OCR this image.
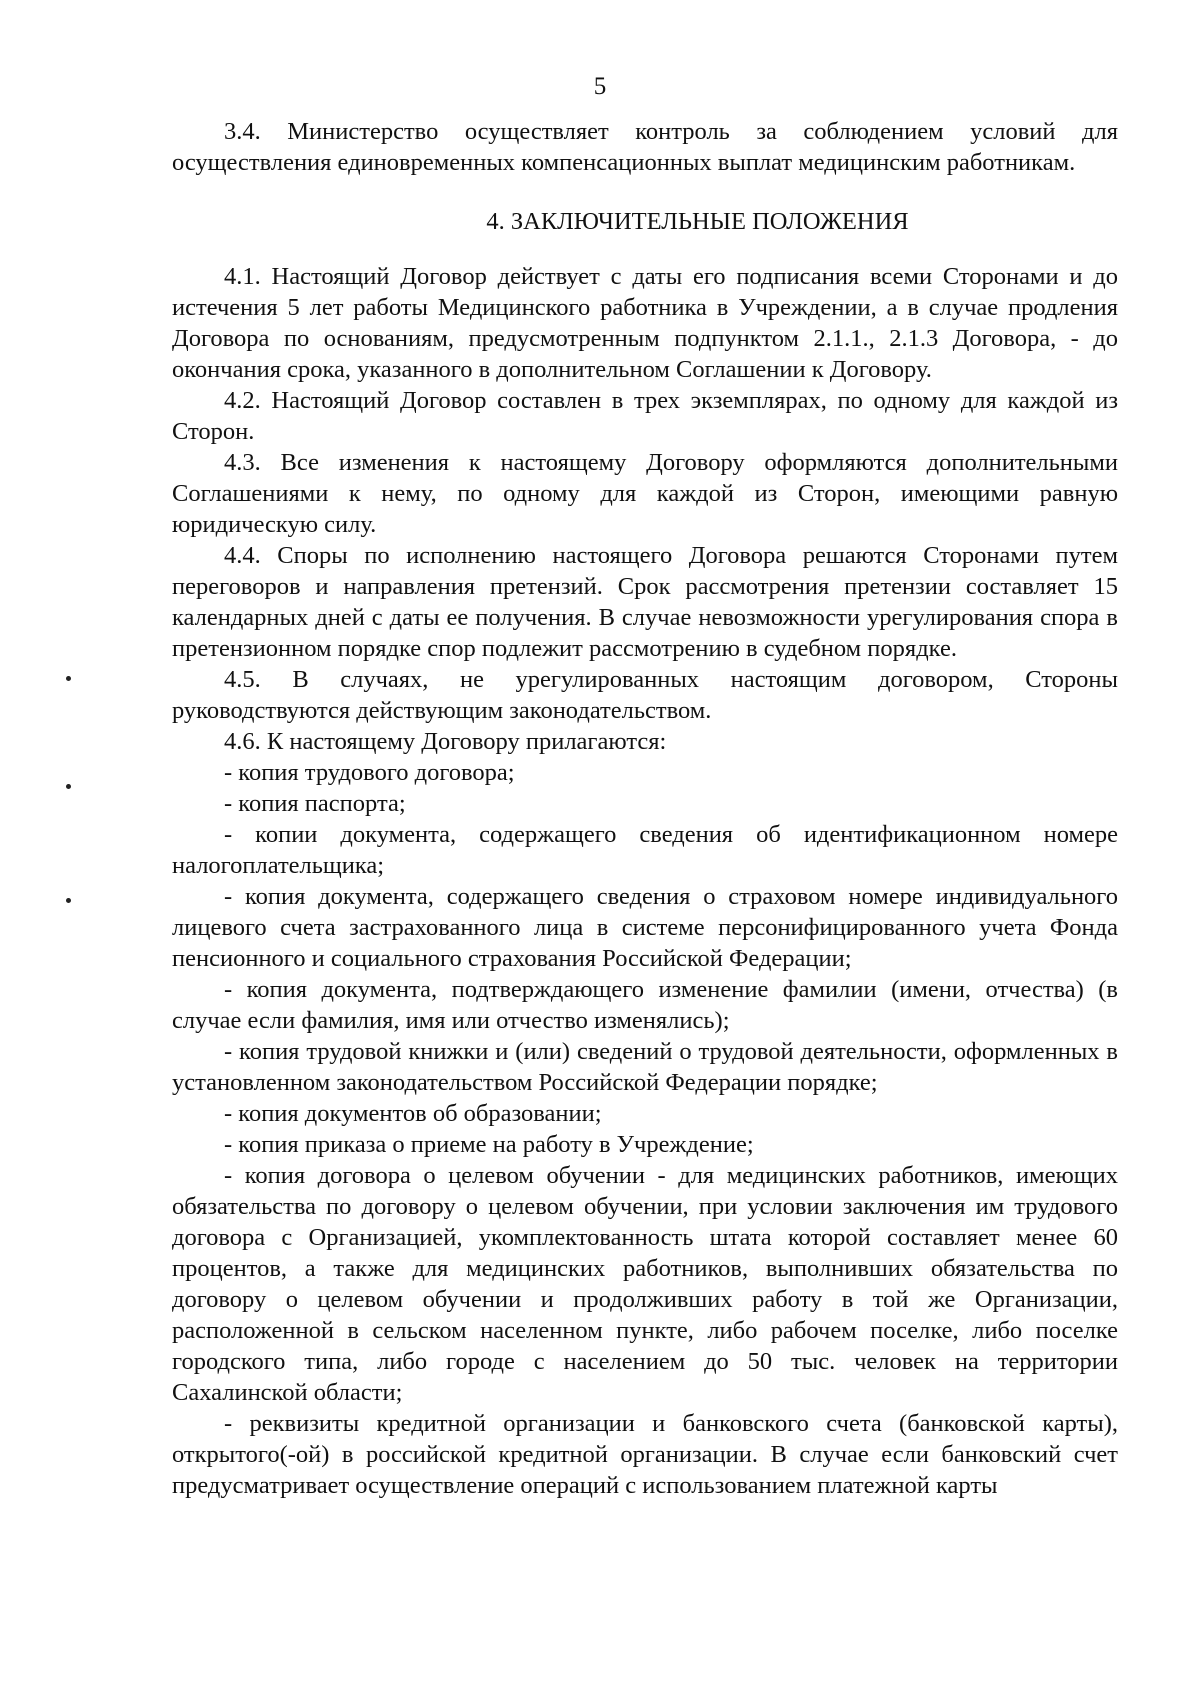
5

3.4. Министерство осуществляет контроль за соблюдением условий для осуществления единовременных компенсационных выплат медицинским работникам.

4. ЗАКЛЮЧИТЕЛЬНЫЕ ПОЛОЖЕНИЯ

4.1. Настоящий Договор действует с даты его подписания всеми Сторонами и до истечения 5 лет работы Медицинского работника в Учреждении, а в случае продления Договора по основаниям, предусмотренным подпунктом 2.1.1., 2.1.3 Договора, - до окончания срока, указанного в дополнительном Соглашении к Договору.

4.2. Настоящий Договор составлен в трех экземплярах, по одному для каждой из Сторон.

4.3. Все изменения к настоящему Договору оформляются дополнительными Соглашениями к нему, по одному для каждой из Сторон, имеющими равную юридическую силу.

4.4. Споры по исполнению настоящего Договора решаются Сторонами путем переговоров и направления претензий. Срок рассмотрения претензии составляет 15 календарных дней с даты ее получения. В случае невозможности урегулирования спора в претензионном порядке спор подлежит рассмотрению в судебном порядке.

4.5. В случаях, не урегулированных настоящим договором, Стороны руководствуются действующим законодательством.

4.6. К настоящему Договору прилагаются:

- копия трудового договора;

- копия паспорта;

- копии документа, содержащего сведения об идентификационном номере налогоплательщика;

- копия документа, содержащего сведения о страховом номере индивидуального лицевого счета застрахованного лица в системе персонифицированного учета Фонда пенсионного и социального страхования Российской Федерации;

- копия документа, подтверждающего изменение фамилии (имени, отчества) (в случае если фамилия, имя или отчество изменялись);

- копия трудовой книжки и (или) сведений о трудовой деятельности, оформленных в установленном законодательством Российской Федерации порядке;

- копия документов об образовании;

- копия приказа о приеме на работу в Учреждение;

- копия договора о целевом обучении - для медицинских работников, имеющих обязательства по договору о целевом обучении, при условии заключения им трудового договора с Организацией, укомплектованность штата которой составляет менее 60 процентов, а также для медицинских работников, выполнивших обязательства по договору о целевом обучении и продолживших работу в той же Организации, расположенной в сельском населенном пункте, либо рабочем поселке, либо поселке городского типа, либо городе с населением до 50 тыс. человек на территории Сахалинской области;

- реквизиты кредитной организации и банковского счета (банковской карты), открытого(-ой) в российской кредитной организации. В случае если банковский счет предусматривает осуществление операций с использованием платежной карты
